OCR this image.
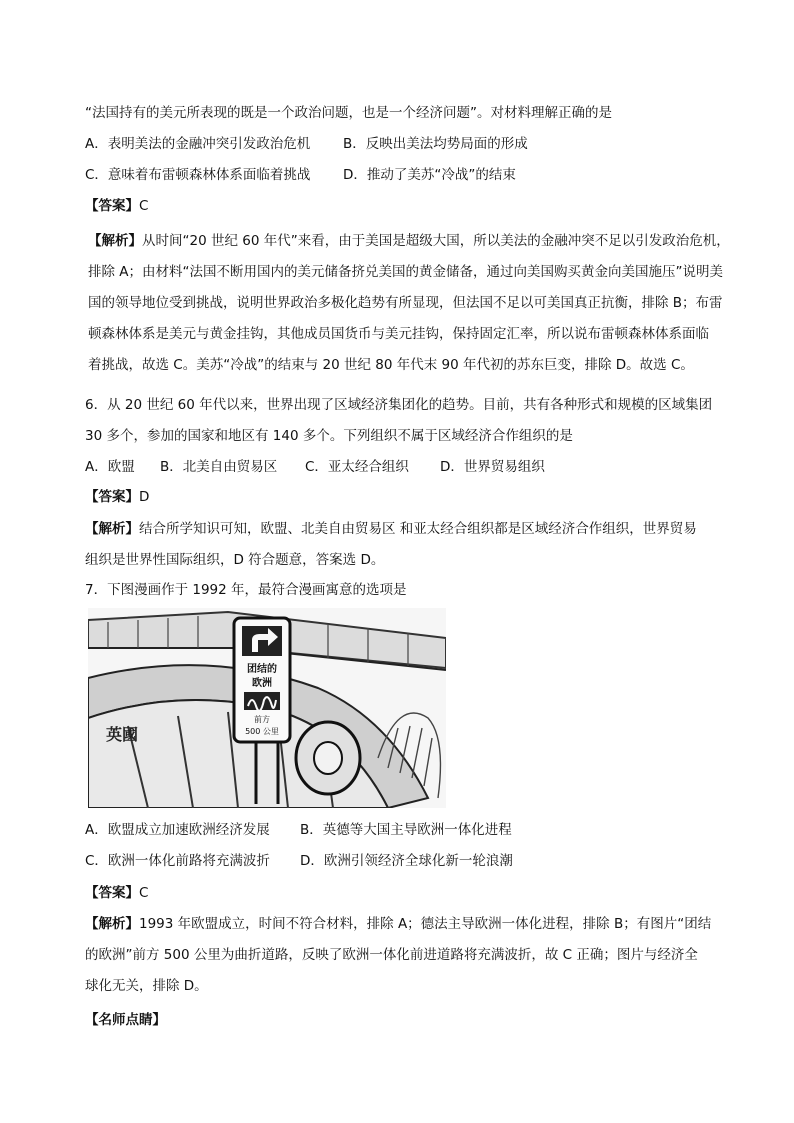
“法国持有的美元所表现的既是一个政治问题，也是一个经济问题”。对材料理解正确的是
A．表明美法的金融冲突引发政治危机 B．反映出美法均势局面的形成
C．意味着布雷顿森林体系面临着挑战 D．推动了美苏“冷战”的结束
【答案】C
【解析】从时间“20 世纪 60 年代”来看，由于美国是超级大国，所以美法的金融冲突不足以引发政治危机，
排除 A；由材料“法国不断用国内的美元储备挤兑美国的黄金储备，通过向美国购买黄金向美国施压”说明美
国的领导地位受到挑战，说明世界政治多极化趋势有所显现，但法国不足以可美国真正抗衡，排除 B；布雷
顿森林体系是美元与黄金挂钩，其他成员国货币与美元挂钩，保持固定汇率，所以说布雷顿森林体系面临
着挑战，故选 C。美苏“冷战”的结束与 20 世纪 80 年代末 90 年代初的苏东巨变，排除 D。故选 C。
6．从 20 世纪 60 年代以来，世界出现了区域经济集团化的趋势。目前，共有各种形式和规模的区域集团
30 多个，参加的国家和地区有 140 多个。下列组织不属于区域经济合作组织的是
A．欧盟 B．北美自由贸易区 C．亚太经合组织 D．世界贸易组织
【答案】D
【解析】结合所学知识可知，欧盟、北美自由贸易区 和亚太经合组织都是区域经济合作组织，世界贸易
组织是世界性国际组织，D 符合题意，答案选 D。
7．下图漫画作于 1992 年，最符合漫画寓意的选项是
英國
团结的
欧洲
前方
500 公里
A．欧盟成立加速欧洲经济发展 B．英德等大国主导欧洲一体化进程
C．欧洲一体化前路将充满波折 D．欧洲引领经济全球化新一轮浪潮
【答案】C
【解析】1993 年欧盟成立，时间不符合材料，排除 A；德法主导欧洲一体化进程，排除 B；有图片“团结
的欧洲”前方 500 公里为曲折道路，反映了欧洲一体化前进道路将充满波折，故 C 正确；图片与经济全
球化无关，排除 D。
【名师点睛】
